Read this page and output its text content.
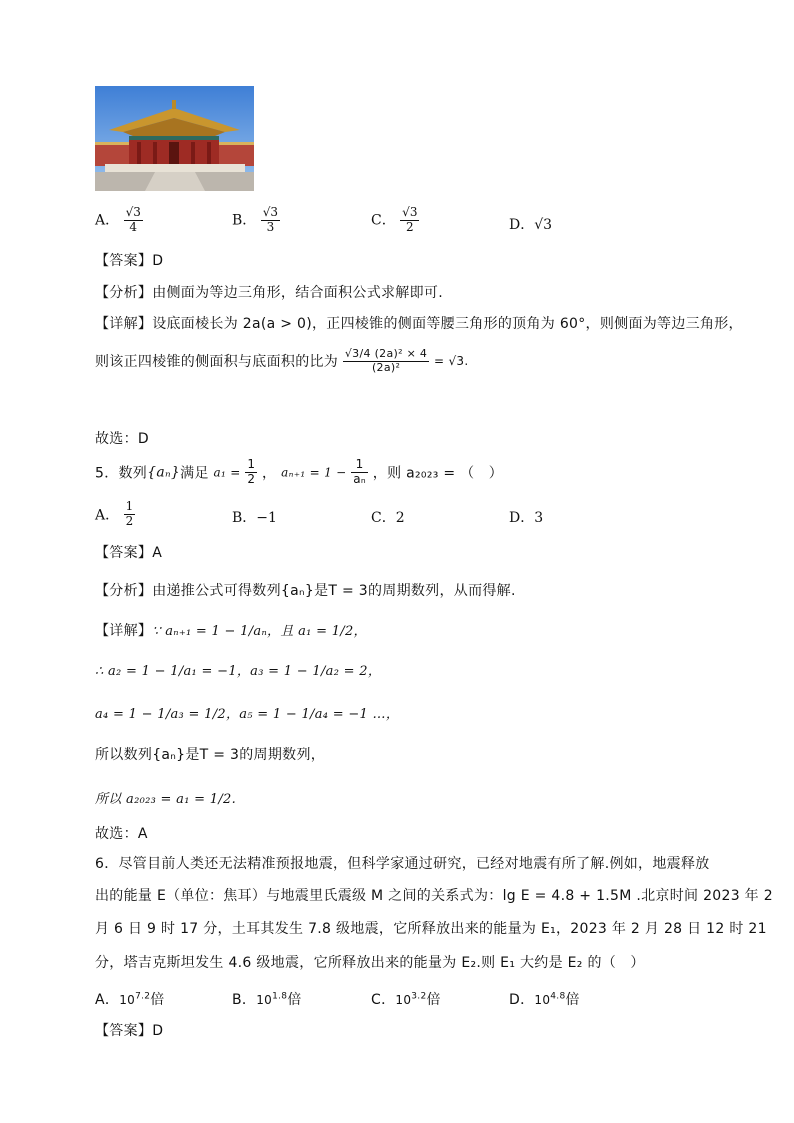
A． $\frac{√3}{4}$	B． $\frac{√3}{3}$	C． $\frac{√3}{2}$	D．√3
【答案】D
【分析】由侧面为等边三角形，结合面积公式求解即可.
【详解】设底面棱长为 2a(a > 0)，正四棱锥的侧面等腰三角形的顶角为 60°，则侧面为等边三角形，
则该正四棱锥的侧面积与底面积的比为 $\frac{\text{√3/4 (2a)² × 4}}{\text{(2a)²}} = √3$.
故选：D
5．数列{aₙ}满足 $a_1 = \frac{1}{2}$ ， $a_{n+1} = 1 - \frac{1}{\text{aₙ}}$ ，则 a₂₀₂₃ = （　）
A． $\frac{1}{2}$	B．−1	C．2	D．3
【答案】A
【分析】由递推公式可得数列{aₙ}是T = 3的周期数列，从而得解.
【详解】∵ aₙ₊₁ = 1 − 1/aₙ，且 a₁ = 1/2，
∴ a₂ = 1 − 1/a₁ = −1，a₃ = 1 − 1/a₂ = 2，
a₄ = 1 − 1/a₃ = 1/2，a₅ = 1 − 1/a₄ = −1 …，
所以数列{aₙ}是T = 3的周期数列，
所以 a₂₀₂₃ = a₁ = 1/2.
故选：A
6．尽管目前人类还无法精准预报地震，但科学家通过研究，已经对地震有所了解.例如，地震释放
出的能量 E（单位：焦耳）与地震里氏震级 M 之间的关系式为：lg E = 4.8 + 1.5M .北京时间 2023 年 2
月 6 日 9 时 17 分，土耳其发生 7.8 级地震，它所释放出来的能量为 E₁，2023 年 2 月 28 日 12 时 21
分，塔吉克斯坦发生 4.6 级地震，它所释放出来的能量为 E₂.则 E₁ 大约是 E₂ 的（　）
A．$10^{7.2}$倍	B．$10^{1.8}$倍	C．$10^{3.2}$倍	D．$10^{4.8}$倍
【答案】D
